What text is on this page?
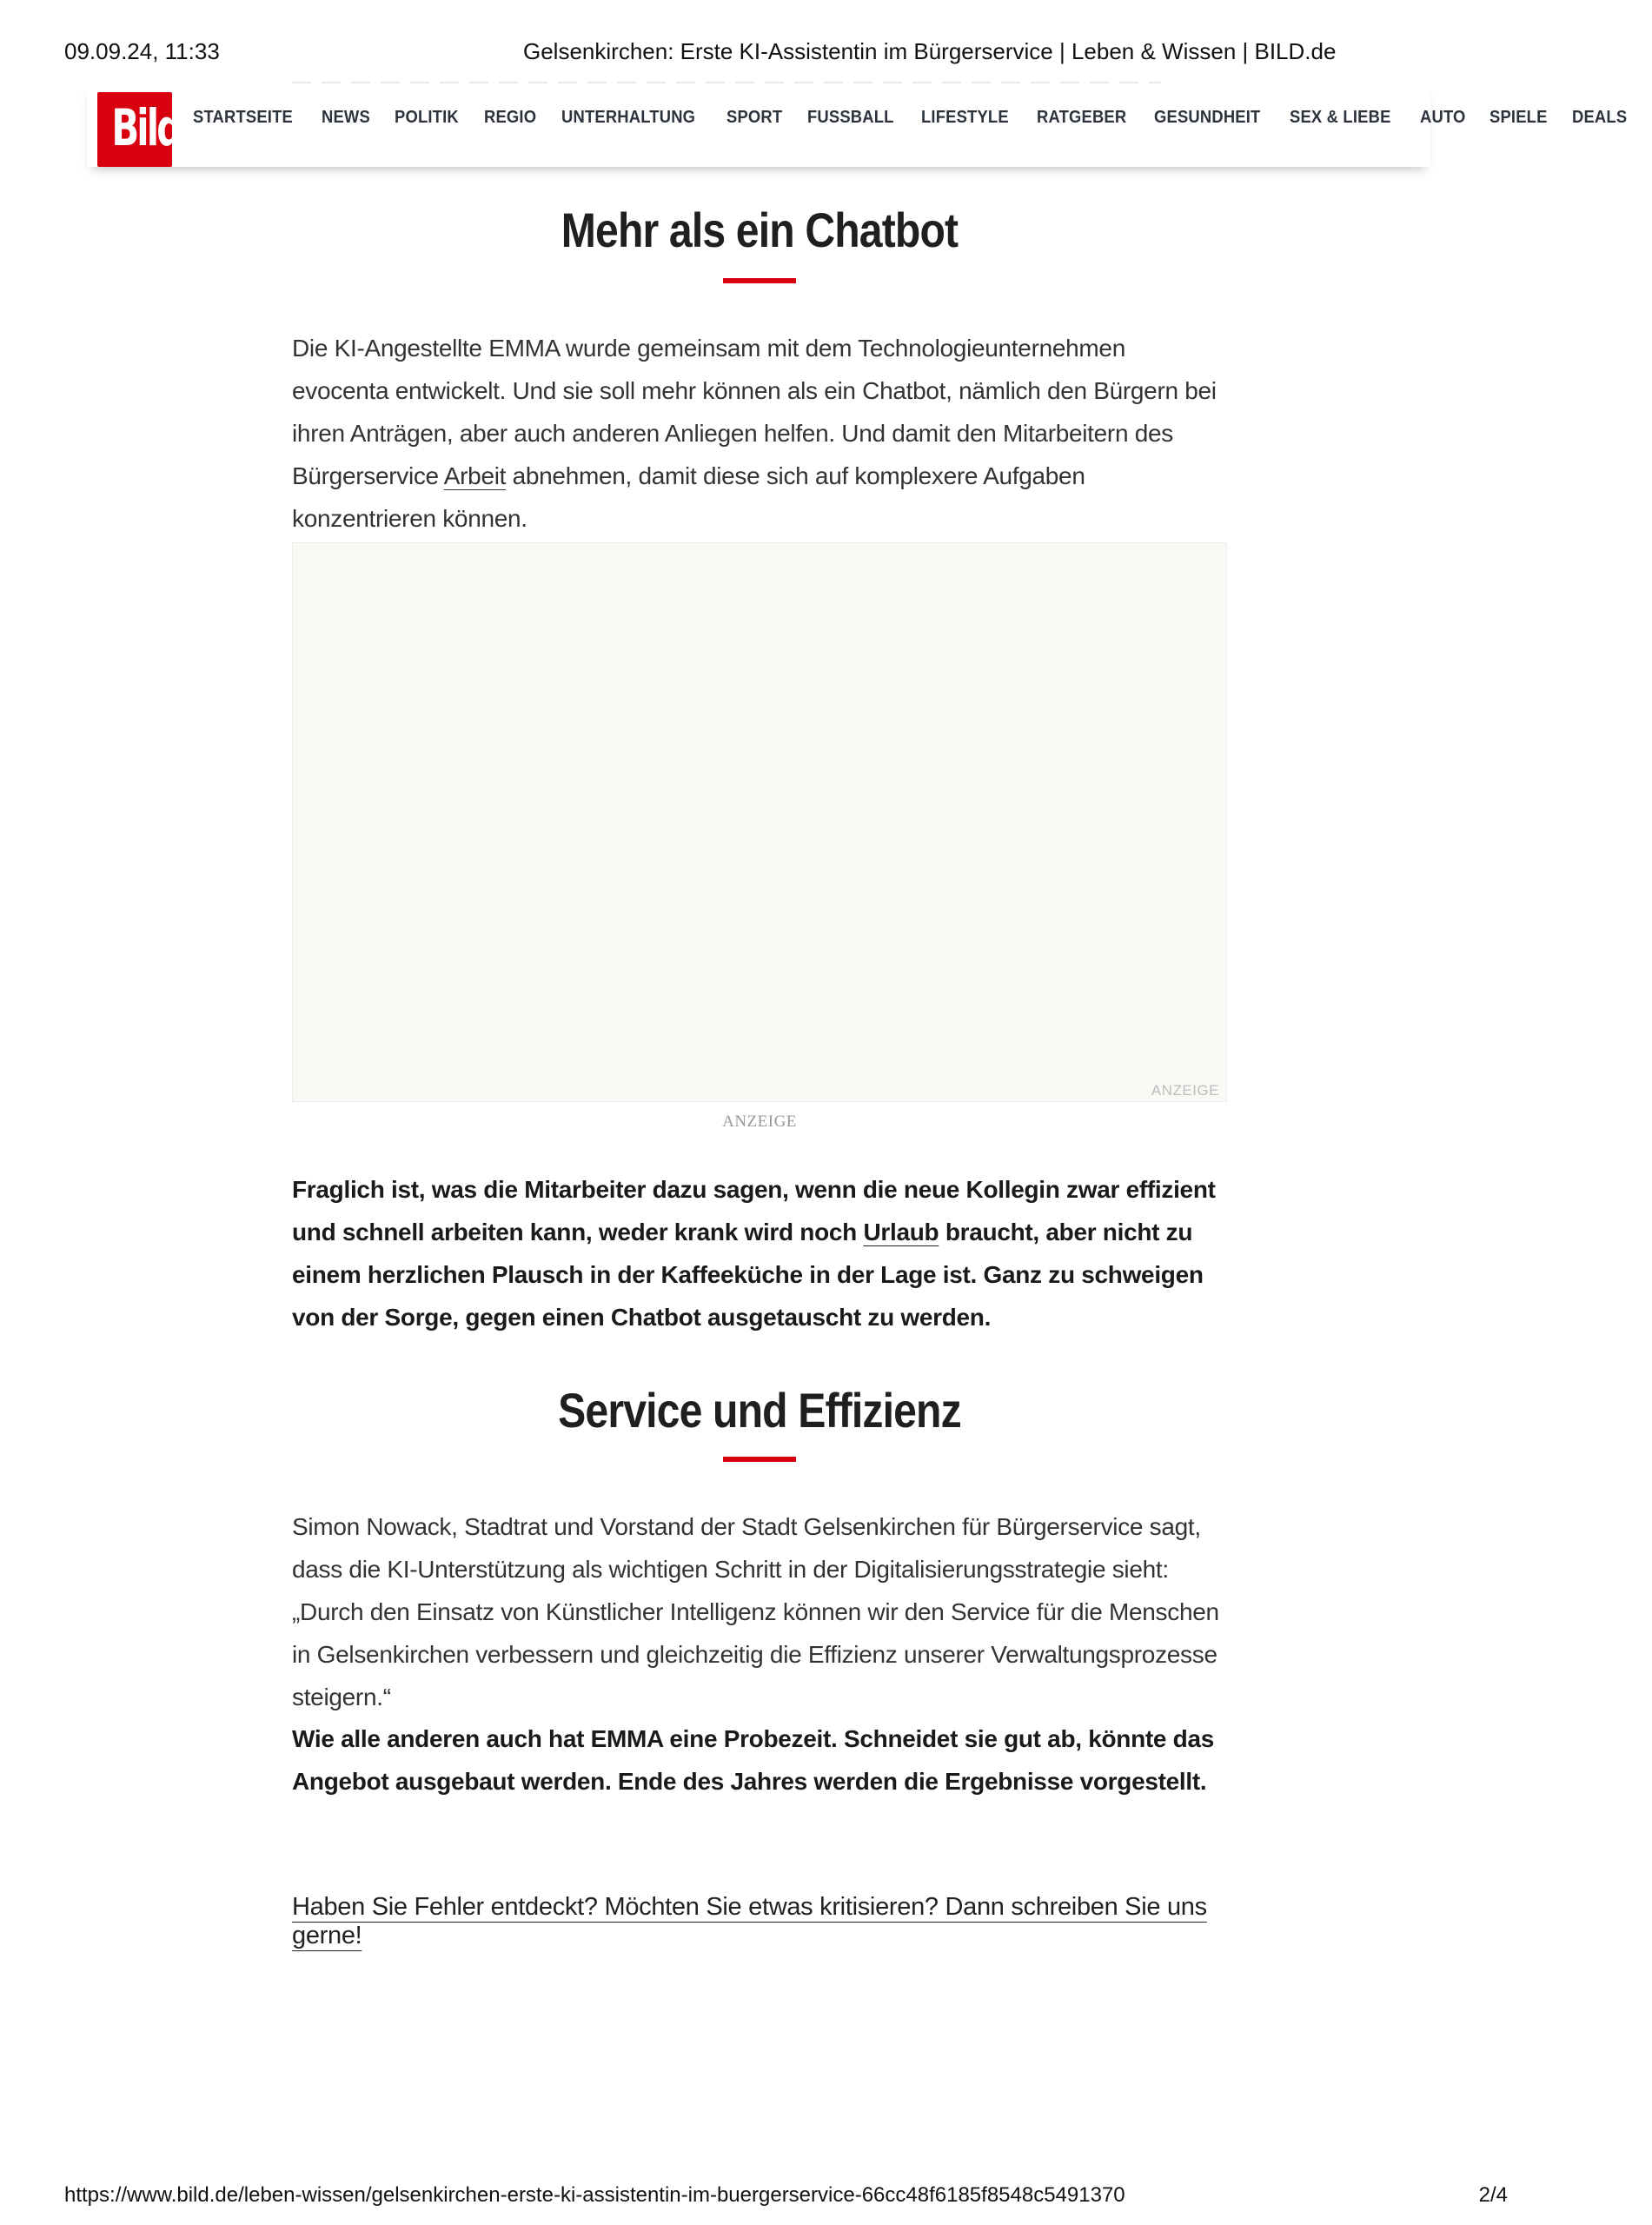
09.09.24, 11:33	Gelsenkirchen: Erste KI-Assistentin im Bürgerservice | Leben & Wissen | BILD.de
Bild STARTSEITE NEWS POLITIK REGIO UNTERHALTUNG SPORT FUSSBALL LIFESTYLE RATGEBER GESUNDHEIT SEX & LIEBE AUTO SPIELE DEALS
Mehr als ein Chatbot

Die KI-Angestellte EMMA wurde gemeinsam mit dem Technologieunternehmen evocenta entwickelt. Und sie soll mehr können als ein Chatbot, nämlich den Bürgern bei ihren Anträgen, aber auch anderen Anliegen helfen. Und damit den Mitarbeitern des Bürgerservice Arbeit abnehmen, damit diese sich auf komplexere Aufgaben konzentrieren können.

ANZEIGE
ANZEIGE

Fraglich ist, was die Mitarbeiter dazu sagen, wenn die neue Kollegin zwar effizient und schnell arbeiten kann, weder krank wird noch Urlaub braucht, aber nicht zu einem herzlichen Plausch in der Kaffeeküche in der Lage ist. Ganz zu schweigen von der Sorge, gegen einen Chatbot ausgetauscht zu werden.

Service und Effizienz

Simon Nowack, Stadtrat und Vorstand der Stadt Gelsenkirchen für Bürgerservice sagt, dass die KI-Unterstützung als wichtigen Schritt in der Digitalisierungsstrategie sieht: „Durch den Einsatz von Künstlicher Intelligenz können wir den Service für die Menschen in Gelsenkirchen verbessern und gleichzeitig die Effizienz unserer Verwaltungsprozesse steigern.“

Wie alle anderen auch hat EMMA eine Probezeit. Schneidet sie gut ab, könnte das Angebot ausgebaut werden. Ende des Jahres werden die Ergebnisse vorgestellt.

Haben Sie Fehler entdeckt? Möchten Sie etwas kritisieren? Dann schreiben Sie uns gerne!
https://www.bild.de/leben-wissen/gelsenkirchen-erste-ki-assistentin-im-buergerservice-66cc48f6185f8548c5491370	2/4
